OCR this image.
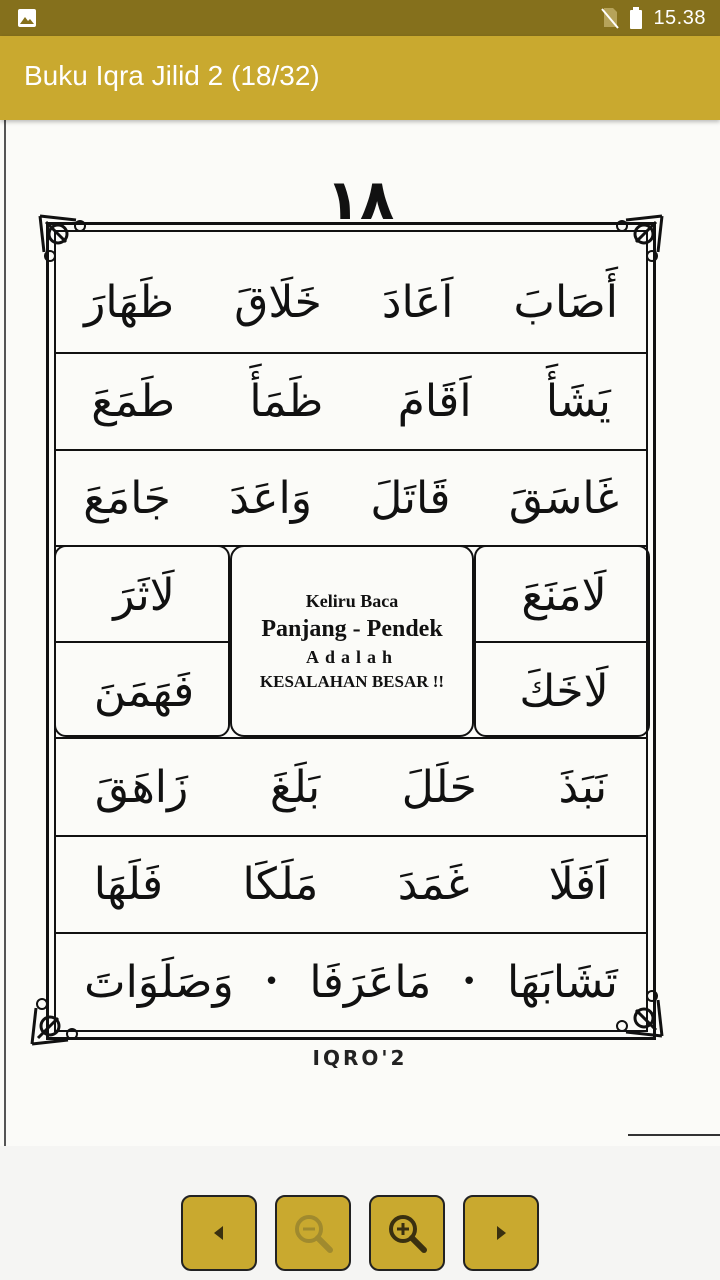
15.38
Buku Iqra Jilid 2 (18/32)
١٨
أَصَابَ
اَعَادَ
خَلَاقَ
ظَهَارَ
يَشَأَ
اَقَامَ
ظَمَأَ
طَمَعَ
غَاسَقَ
قَاتَلَ
وَاعَدَ
جَامَعَ
لَامَنَعَ
لَاخَكَ
لَاثَرَ
فَهَمَنَ
Keliru Baca
Panjang - Pendek
Adalah
KESALAHAN BESAR !!
نَبَذَ
حَلَلَ
بَلَغَ
زَاهَقَ
اَفَلَا
غَمَدَ
مَلَكَا
فَلَهَا
تَشَابَهَا
•
مَاعَرَفَا
•
وَصَلَوَاتَ
IQRO'2
